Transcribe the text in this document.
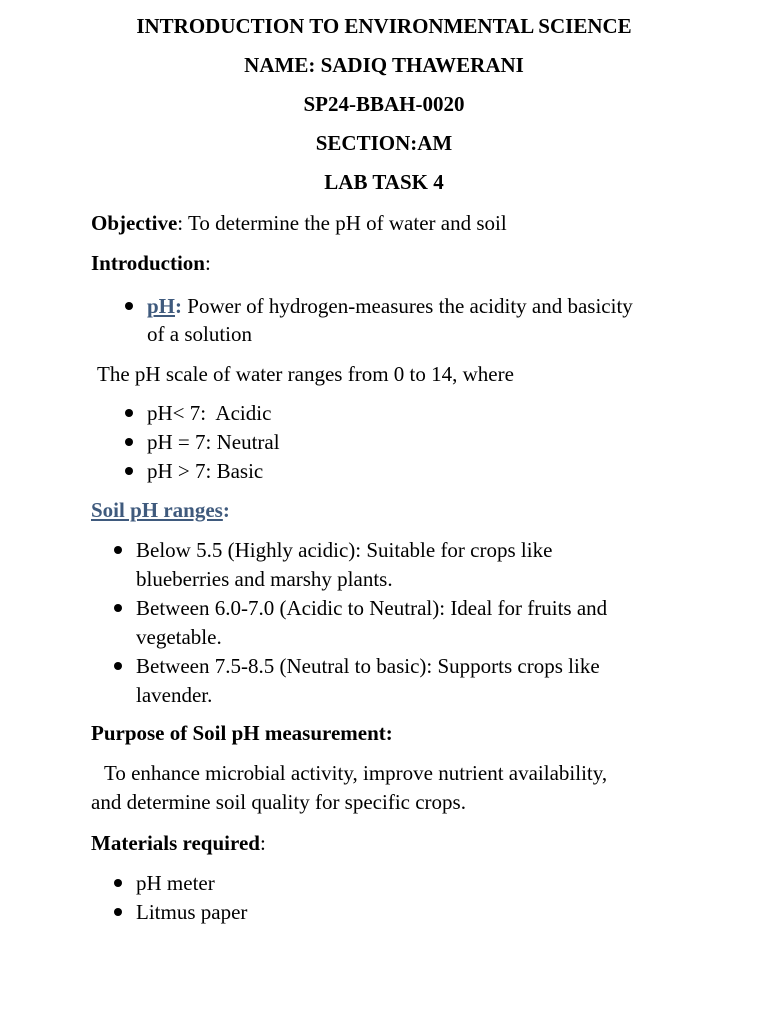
INTRODUCTION TO ENVIRONMENTAL SCIENCE
NAME: SADIQ THAWERANI
SP24-BBAH-0020
SECTION:AM
LAB TASK 4
Objective: To determine the pH of water and soil
Introduction:
pH: Power of hydrogen-measures the acidity and basicity
of a solution
The pH scale of water ranges from 0 to 14, where
pH< 7:  Acidic
pH = 7: Neutral
pH > 7: Basic
Soil pH ranges:
Below 5.5 (Highly acidic): Suitable for crops like
blueberries and marshy plants.
Between 6.0-7.0 (Acidic to Neutral): Ideal for fruits and
vegetable.
Between 7.5-8.5 (Neutral to basic): Supports crops like
lavender.
Purpose of Soil pH measurement:
To enhance microbial activity, improve nutrient availability,
and determine soil quality for specific crops.
Materials required:
pH meter
Litmus paper
